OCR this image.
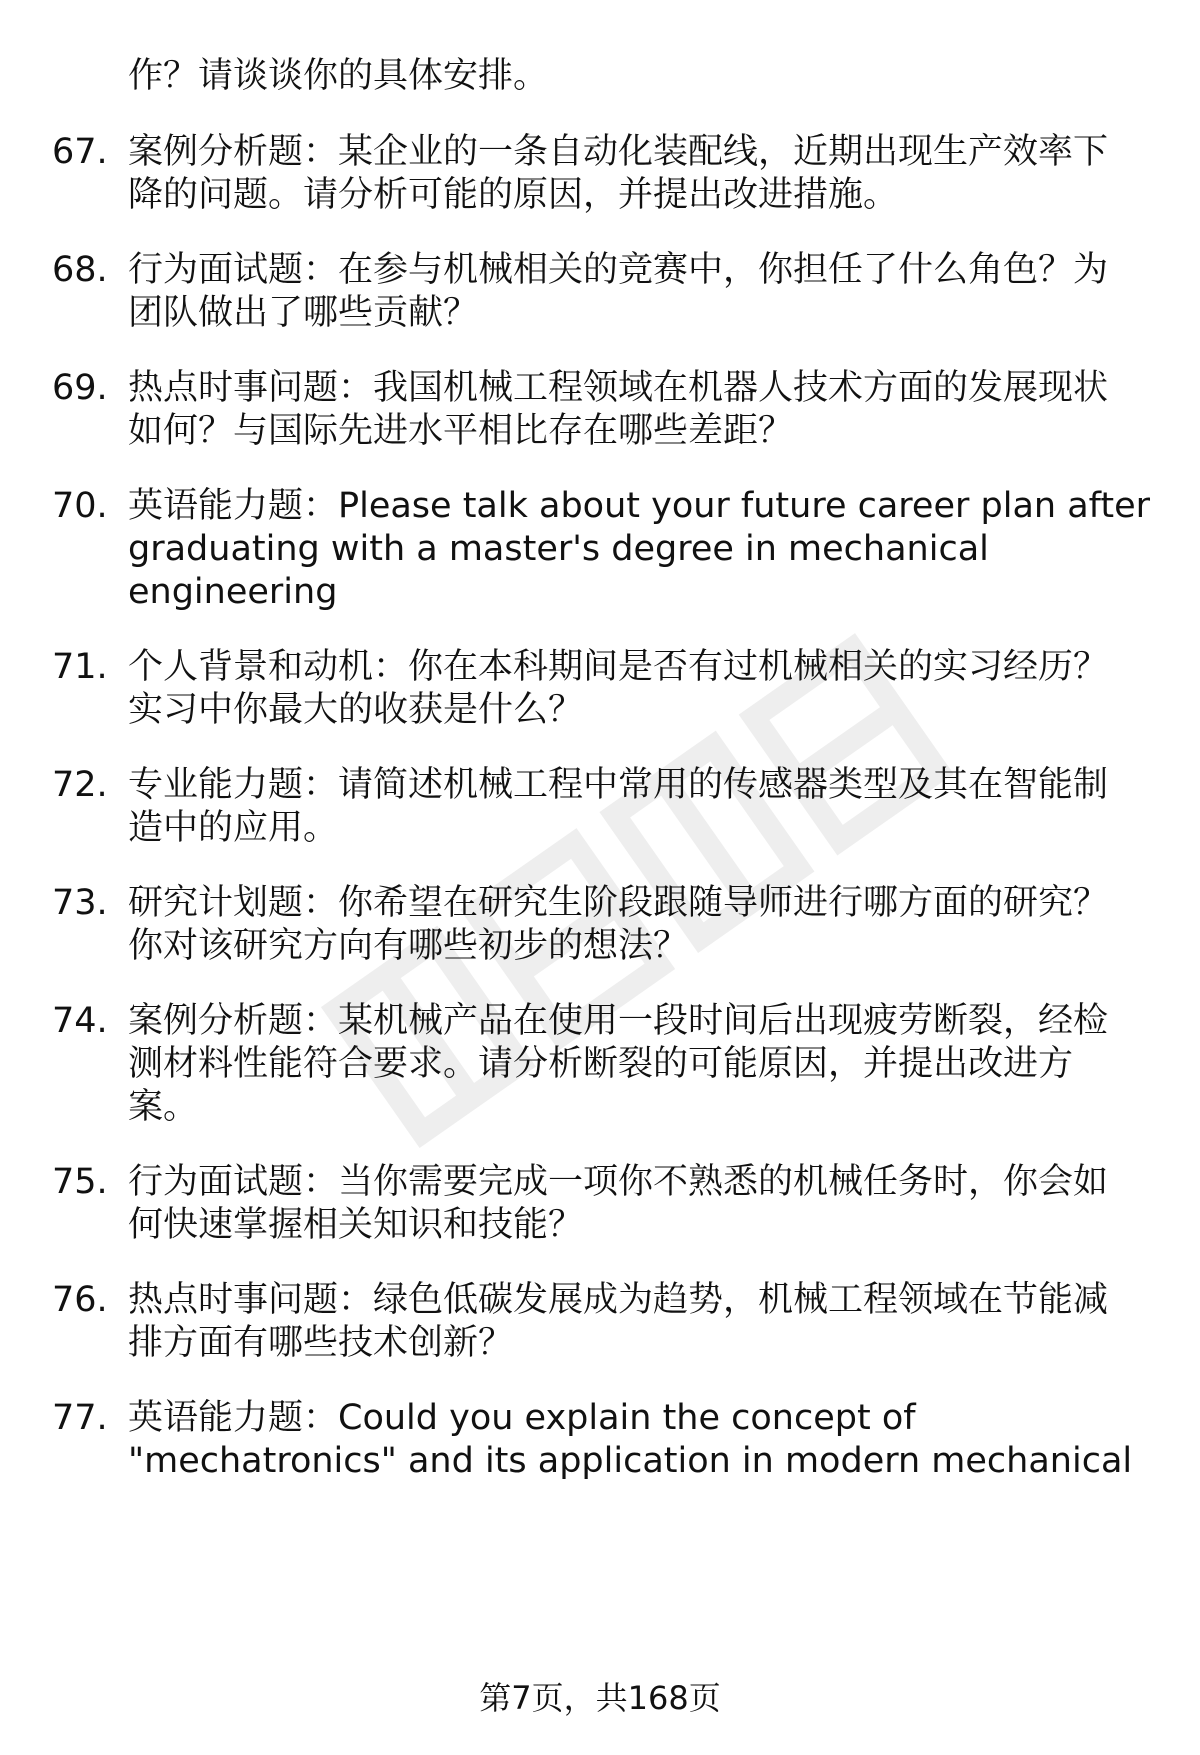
作？请谈谈你的具体安排。
67. 案例分析题：某企业的一条自动化装配线，近期出现生产效率下
降的问题。请分析可能的原因，并提出改进措施。
68. 行为面试题：在参与机械相关的竞赛中，你担任了什么角色？为
团队做出了哪些贡献？
69. 热点时事问题：我国机械工程领域在机器人技术方面的发展现状
如何？与国际先进水平相比存在哪些差距？
70. 英语能力题：Please talk about your future career plan after
graduating with a master's degree in mechanical
engineering
71. 个人背景和动机：你在本科期间是否有过机械相关的实习经历？
实习中你最大的收获是什么？
72. 专业能力题：请简述机械工程中常用的传感器类型及其在智能制
造中的应用。
73. 研究计划题：你希望在研究生阶段跟随导师进行哪方面的研究？
你对该研究方向有哪些初步的想法？
74. 案例分析题：某机械产品在使用一段时间后出现疲劳断裂，经检
测材料性能符合要求。请分析断裂的可能原因，并提出改进方
案。
75. 行为面试题：当你需要完成一项你不熟悉的机械任务时，你会如
何快速掌握相关知识和技能？
76. 热点时事问题：绿色低碳发展成为趋势，机械工程领域在节能减
排方面有哪些技术创新？
77. 英语能力题：Could you explain the concept of
"mechatronics" and its application in modern mechanical
第7页，共168页
